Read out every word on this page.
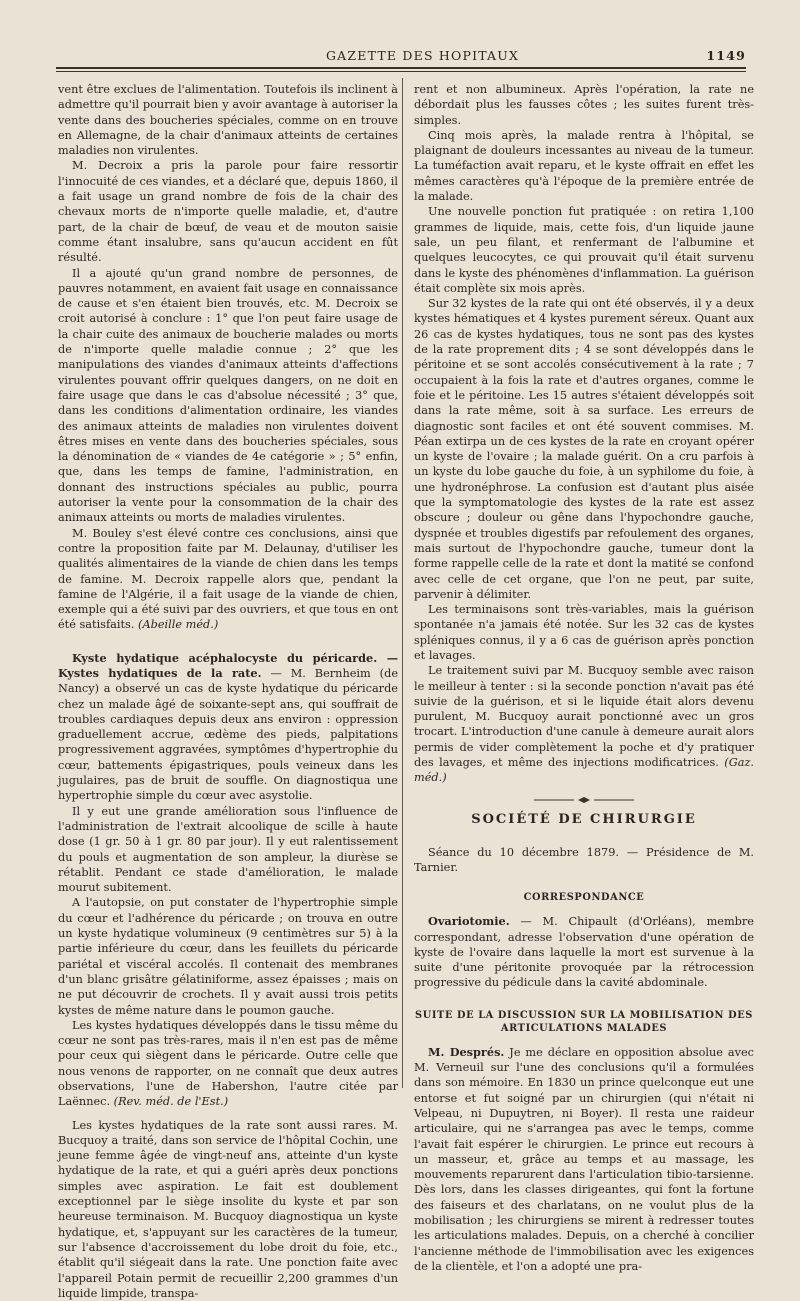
GAZETTE DES HOPITAUX	1149

vent être exclues de l'alimentation. Toutefois ils inclinent à admettre qu'il pourrait bien y avoir avantage à autoriser la vente dans des boucheries spéciales, comme on en trouve en Allemagne, de la chair d'animaux atteints de certaines maladies non virulentes.

M. Decroix a pris la parole pour faire ressortir l'innocuité de ces viandes, et a déclaré que, depuis 1860, il a fait usage un grand nombre de fois de la chair des chevaux morts de n'importe quelle maladie, et, d'autre part, de la chair de bœuf, de veau et de mouton saisie comme étant insalubre, sans qu'aucun accident en fût résulté.

Il a ajouté qu'un grand nombre de personnes, de pauvres notamment, en avaient fait usage en connaissance de cause et s'en étaient bien trouvés, etc. M. Decroix se croit autorisé à conclure : 1° que l'on peut faire usage de la chair cuite des animaux de boucherie malades ou morts de n'importe quelle maladie connue ; 2° que les manipulations des viandes d'animaux atteints d'affections virulentes pouvant offrir quelques dangers, on ne doit en faire usage que dans le cas d'absolue nécessité ; 3° que, dans les conditions d'alimentation ordinaire, les viandes des animaux atteints de maladies non virulentes doivent êtres mises en vente dans des boucheries spéciales, sous la dénomination de « viandes de 4e catégorie » ; 5° enfin, que, dans les temps de famine, l'administration, en donnant des instructions spéciales au public, pourra autoriser la vente pour la consommation de la chair des animaux atteints ou morts de maladies virulentes.

M. Bouley s'est élevé contre ces conclusions, ainsi que contre la proposition faite par M. Delaunay, d'utiliser les qualités alimentaires de la viande de chien dans les temps de famine. M. Decroix rappelle alors que, pendant la famine de l'Algérie, il a fait usage de la viande de chien, exemple qui a été suivi par des ouvriers, et que tous en ont été satisfaits. (Abeille méd.)

Kyste hydatique acéphalocyste du péricarde. — Kystes hydatiques de la rate. — M. Bernheim (de Nancy) a observé un cas de kyste hydatique du péricarde chez un malade âgé de soixante-sept ans, qui souffrait de troubles cardiaques depuis deux ans environ : oppression graduellement accrue, œdème des pieds, palpitations progressivement aggravées, symptômes d'hypertrophie du cœur, battements épigastriques, pouls veineux dans les jugulaires, pas de bruit de souffle. On diagnostiqua une hypertrophie simple du cœur avec asystolie.

Il y eut une grande amélioration sous l'influence de l'administration de l'extrait alcoolique de scille à haute dose (1 gr. 50 à 1 gr. 80 par jour). Il y eut ralentissement du pouls et augmentation de son ampleur, la diurèse se rétablit. Pendant ce stade d'amélioration, le malade mourut subitement.

A l'autopsie, on put constater de l'hypertrophie simple du cœur et l'adhérence du péricarde ; on trouva en outre un kyste hydatique volumineux (9 centimètres sur 5) à la partie inférieure du cœur, dans les feuillets du péricarde pariétal et viscéral accolés. Il contenait des membranes d'un blanc grisâtre gélatiniforme, assez épaisses ; mais on ne put découvrir de crochets. Il y avait aussi trois petits kystes de même nature dans le poumon gauche.

Les kystes hydatiques développés dans le tissu même du cœur ne sont pas très-rares, mais il n'en est pas de même pour ceux qui siègent dans le péricarde. Outre celle que nous venons de rapporter, on ne connaît que deux autres observations, l'une de Habershon, l'autre citée par Laënnec. (Rev. méd. de l'Est.)

Les kystes hydatiques de la rate sont aussi rares. M. Bucquoy a traité, dans son service de l'hôpital Cochin, une jeune femme âgée de vingt-neuf ans, atteinte d'un kyste hydatique de la rate, et qui a guéri après deux ponctions simples avec aspiration. Le fait est doublement exceptionnel par le siège insolite du kyste et par son heureuse terminaison. M. Bucquoy diagnostiqua un kyste hydatique, et, s'appuyant sur les caractères de la tumeur, sur l'absence d'accroissement du lobe droit du foie, etc., établit qu'il siégeait dans la rate. Une ponction faite avec l'appareil Potain permit de recueillir 2,200 grammes d'un liquide limpide, transpa-

rent et non albumineux. Après l'opération, la rate ne débordait plus les fausses côtes ; les suites furent très-simples.

Cinq mois après, la malade rentra à l'hôpital, se plaignant de douleurs incessantes au niveau de la tumeur. La tuméfaction avait reparu, et le kyste offrait en effet les mêmes caractères qu'à l'époque de la première entrée de la malade.

Une nouvelle ponction fut pratiquée : on retira 1,100 grammes de liquide, mais, cette fois, d'un liquide jaune sale, un peu filant, et renfermant de l'albumine et quelques leucocytes, ce qui prouvait qu'il était survenu dans le kyste des phénomènes d'inflammation. La guérison était complète six mois après.

Sur 32 kystes de la rate qui ont été observés, il y a deux kystes hématiques et 4 kystes purement séreux. Quant aux 26 cas de kystes hydatiques, tous ne sont pas des kystes de la rate proprement dits ; 4 se sont développés dans le péritoine et se sont accolés consécutivement à la rate ; 7 occupaient à la fois la rate et d'autres organes, comme le foie et le péritoine. Les 15 autres s'étaient développés soit dans la rate même, soit à sa surface. Les erreurs de diagnostic sont faciles et ont été souvent commises. M. Péan extirpa un de ces kystes de la rate en croyant opérer un kyste de l'ovaire ; la malade guérit. On a cru parfois à un kyste du lobe gauche du foie, à un syphilome du foie, à une hydronéphrose. La confusion est d'autant plus aisée que la symptomatologie des kystes de la rate est assez obscure ; douleur ou gêne dans l'hypochondre gauche, dyspnée et troubles digestifs par refoulement des organes, mais surtout de l'hypochondre gauche, tumeur dont la forme rappelle celle de la rate et dont la matité se confond avec celle de cet organe, que l'on ne peut, par suite, parvenir à délimiter.

Les terminaisons sont très-variables, mais la guérison spontanée n'a jamais été notée. Sur les 32 cas de kystes spléniques connus, il y a 6 cas de guérison après ponction et lavages.

Le traitement suivi par M. Bucquoy semble avec raison le meilleur à tenter : si la seconde ponction n'avait pas été suivie de la guérison, et si le liquide était alors devenu purulent, M. Bucquoy aurait ponctionné avec un gros trocart. L'introduction d'une canule à demeure aurait alors permis de vider complètement la poche et d'y pratiquer des lavages, et même des injections modificatrices. (Gaz. méd.)

SOCIÉTÉ DE CHIRURGIE

Séance du 10 décembre 1879. — Présidence de M. Tarnier.

CORRESPONDANCE

Ovariotomie. — M. Chipault (d'Orléans), membre correspondant, adresse l'observation d'une opération de kyste de l'ovaire dans laquelle la mort est survenue à la suite d'une péritonite provoquée par la rétrocession progressive du pédicule dans la cavité abdominale.

SUITE DE LA DISCUSSION SUR LA MOBILISATION DES ARTICULATIONS MALADES

M. Després. Je me déclare en opposition absolue avec M. Verneuil sur l'une des conclusions qu'il a formulées dans son mémoire. En 1830 un prince quelconque eut une entorse et fut soigné par un chirurgien (qui n'était ni Velpeau, ni Dupuytren, ni Boyer). Il resta une raideur articulaire, qui ne s'arrangea pas avec le temps, comme l'avait fait espérer le chirurgien. Le prince eut recours à un masseur, et, grâce au temps et au massage, les mouvements reparurent dans l'articulation tibio-tarsienne. Dès lors, dans les classes dirigeantes, qui font la fortune des faiseurs et des charlatans, on ne voulut plus de la mobilisation ; les chirurgiens se mirent à redresser toutes les articulations malades. Depuis, on a cherché à concilier l'ancienne méthode de l'immobilisation avec les exigences de la clientèle, et l'on a adopté une pra-
